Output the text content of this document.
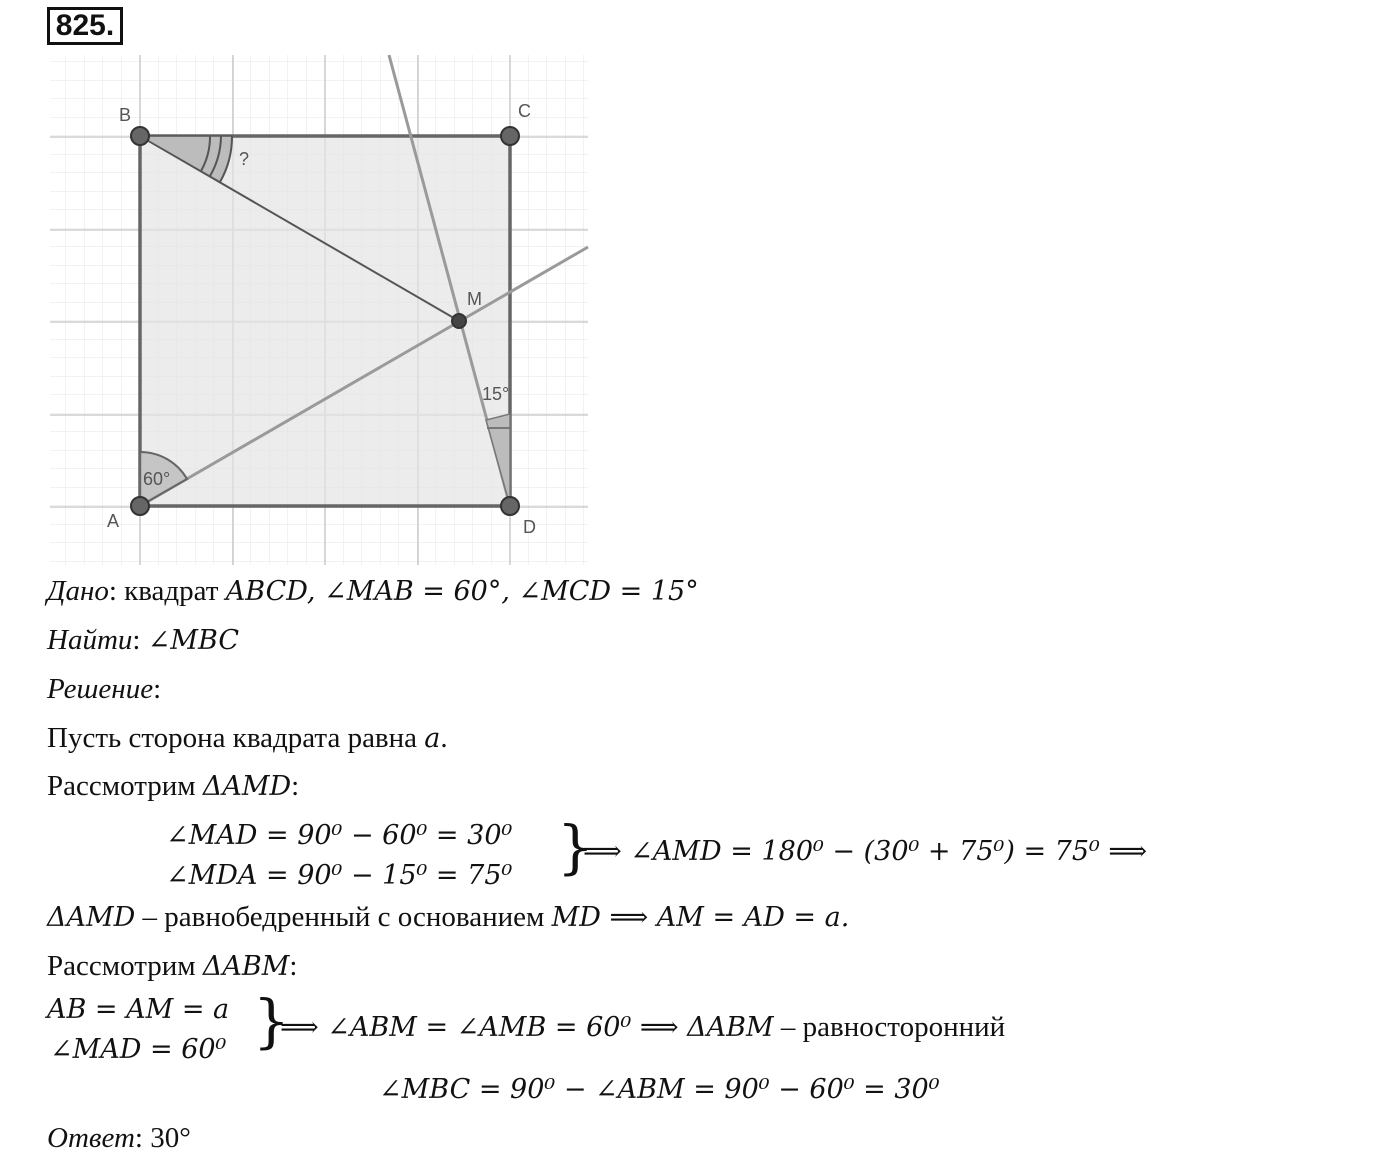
825.
B	C
A	D
M
?
15°
60°
Дано: квадрат ABCD, ∠MAB = 60°, ∠MCD = 15°
Найти: ∠MBC
Решение:
Пусть сторона квадрата равна a.
Рассмотрим ΔAMD:
∠MAD = 90⁰ − 60⁰ = 30⁰
∠MDA = 90⁰ − 15⁰ = 75⁰ }
⟹ ∠AMD = 180⁰ − (30⁰ + 75⁰) = 75⁰ ⟹
ΔAMD – равнобедренный с основанием MD ⟹ AM = AD = a.
Рассмотрим ΔABM:
AB = AM = a
∠MAD = 60⁰ }
⟹ ∠ABM = ∠AMB = 60⁰ ⟹ ΔABM – равносторонний
∠MBC = 90⁰ − ∠ABM = 90⁰ − 60⁰ = 30⁰
Ответ: 30°
